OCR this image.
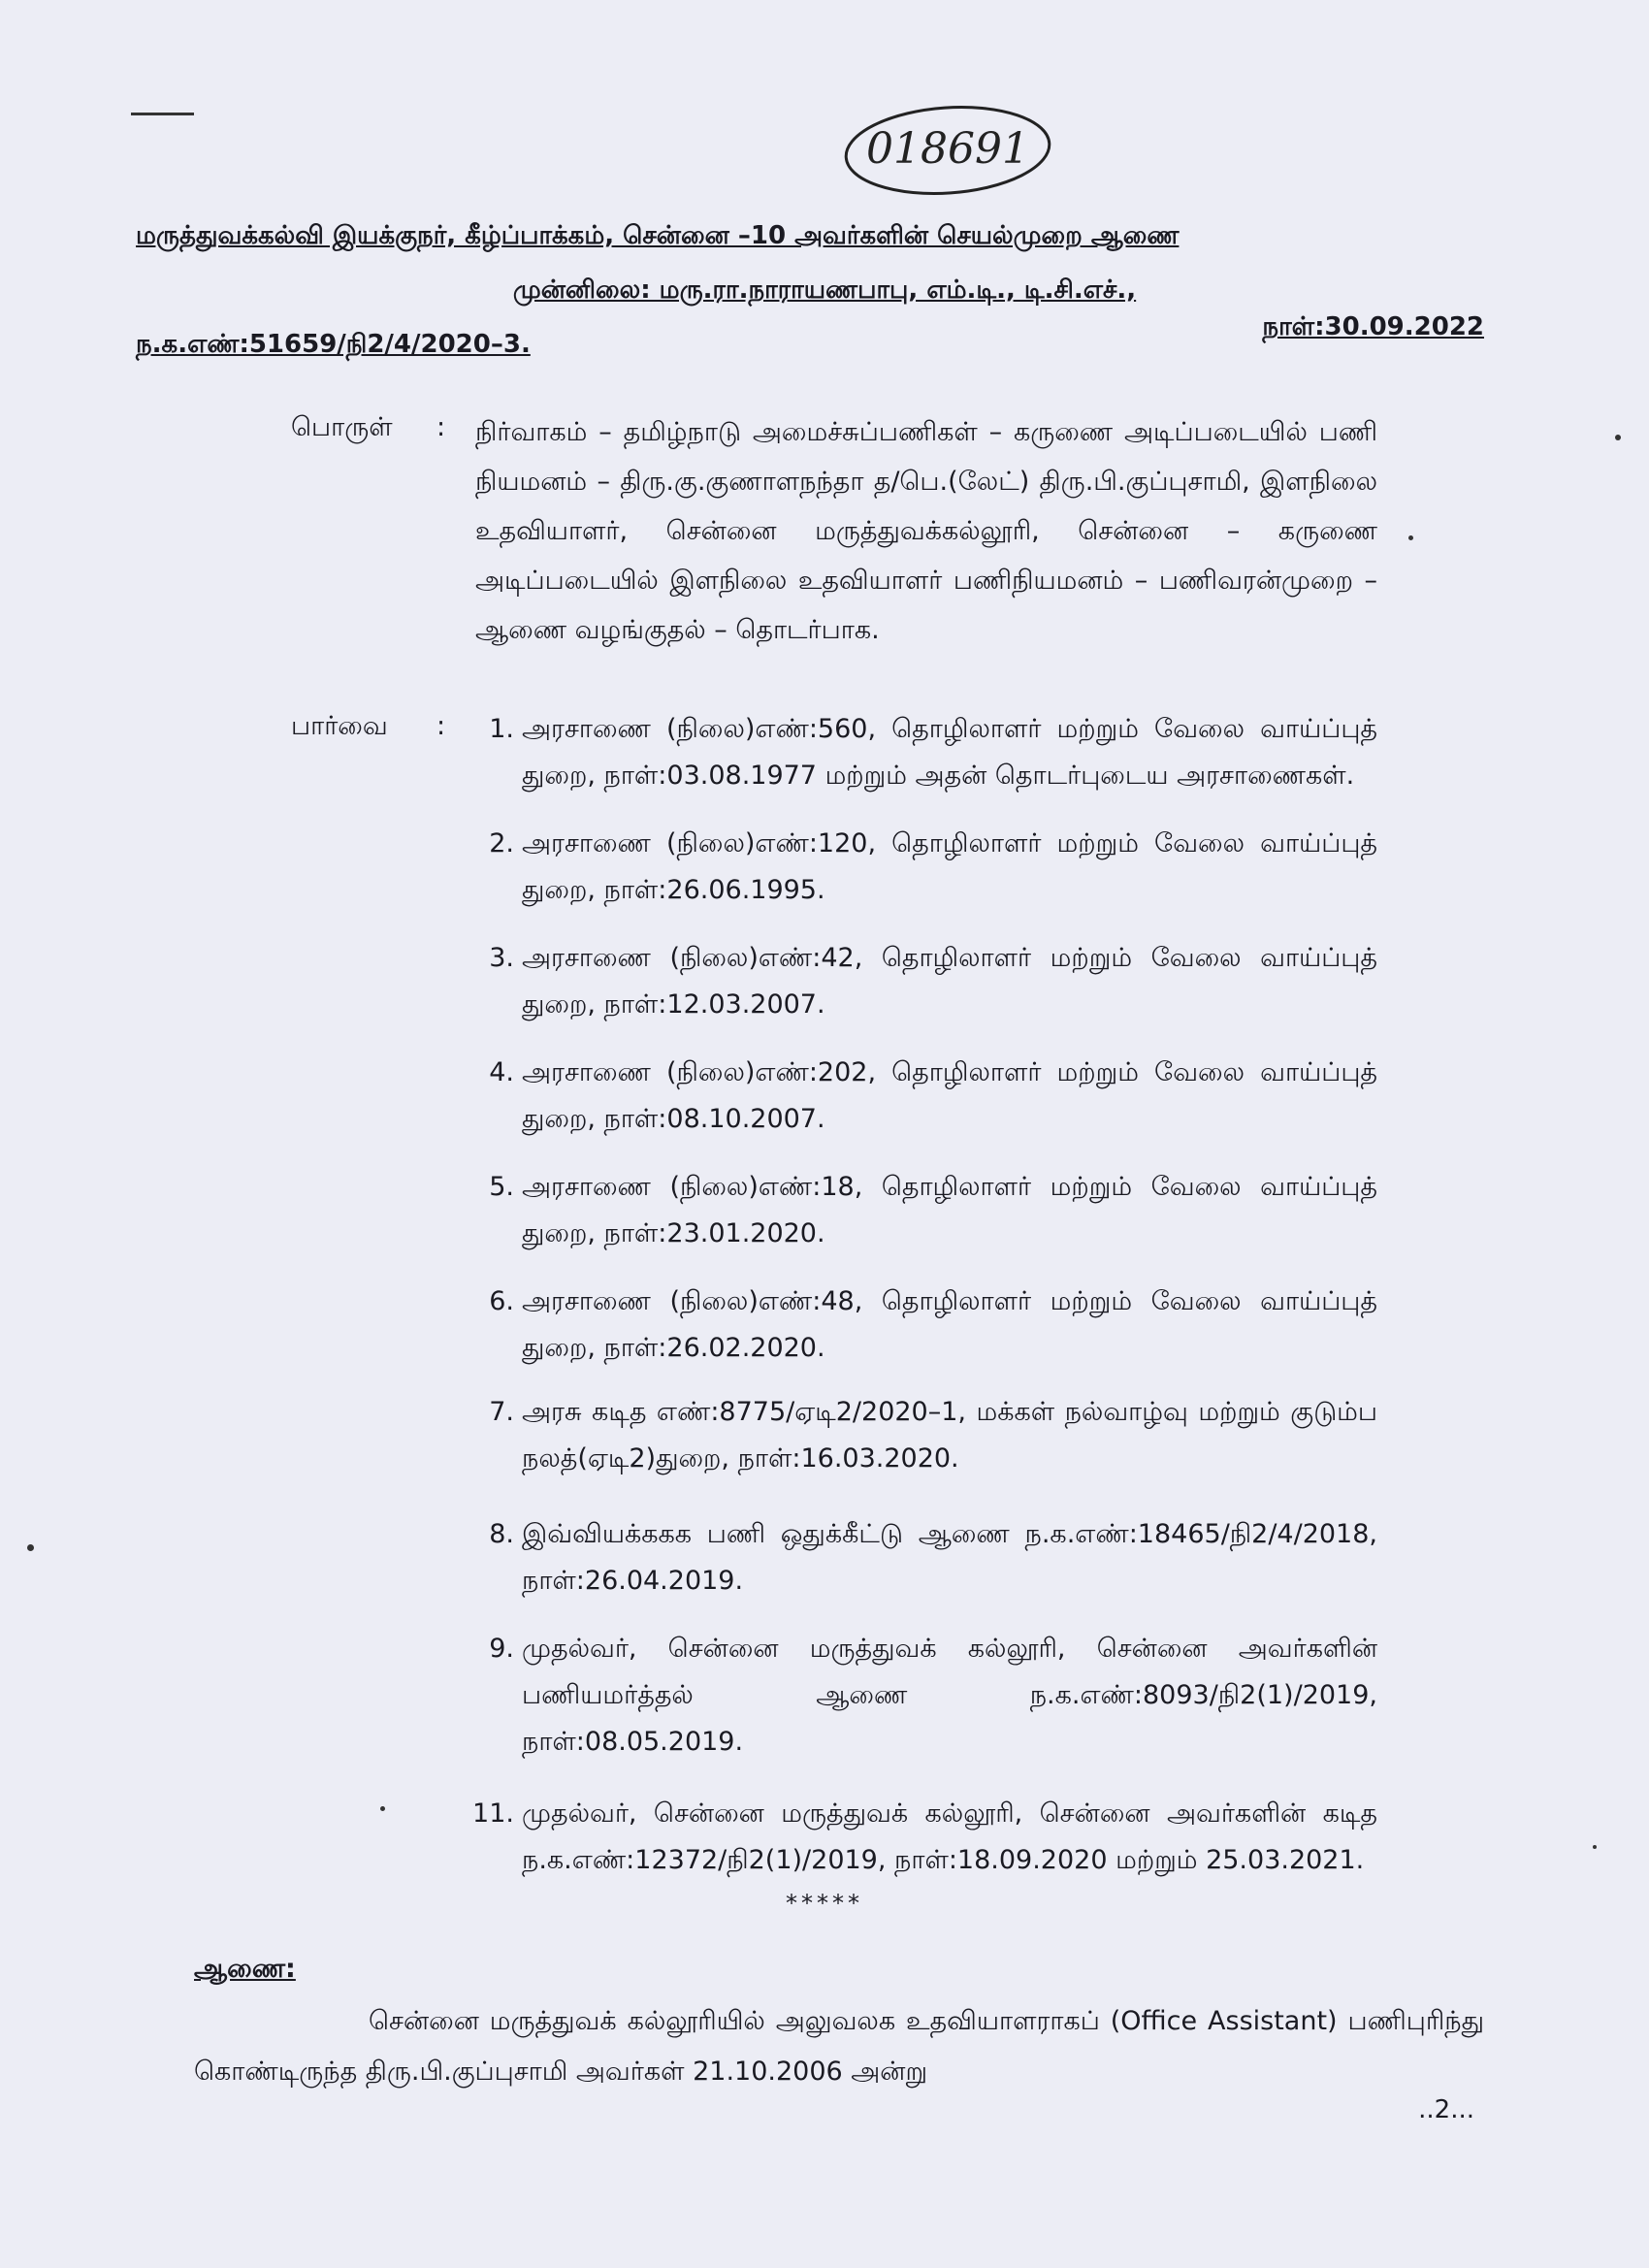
018691
மருத்துவக்கல்வி இயக்குநர், கீழ்ப்பாக்கம், சென்னை –10 அவர்களின் செயல்முறை ஆணை
முன்னிலை: மரு.ரா.நாராயணபாபு, எம்.டி., டி.சி.எச்.,
ந.க.எண்:51659/நி2/4/2020–3.
நாள்:30.09.2022
பொருள் : நிர்வாகம் – தமிழ்நாடு அமைச்சுப்பணிகள் – கருணை அடிப்படையில் பணி நியமனம் – திரு.கு.குணாளநந்தா த/பெ.(லேட்) திரு.பி.குப்புசாமி, இளநிலை உதவியாளர், சென்னை மருத்துவக்கல்லூரி, சென்னை – கருணை அடிப்படையில் இளநிலை உதவியாளர் பணிநியமனம் – பணிவரன்முறை – ஆணை வழங்குதல் – தொடர்பாக.
பார்வை :	1. அரசாணை (நிலை)எண்:560, தொழிலாளர் மற்றும் வேலை வாய்ப்புத் துறை, நாள்:03.08.1977 மற்றும் அதன் தொடர்புடைய அரசாணைகள்.
2. அரசாணை (நிலை)எண்:120, தொழிலாளர் மற்றும் வேலை வாய்ப்புத் துறை, நாள்:26.06.1995.
3. அரசாணை (நிலை)எண்:42, தொழிலாளர் மற்றும் வேலை வாய்ப்புத் துறை, நாள்:12.03.2007.
4. அரசாணை (நிலை)எண்:202, தொழிலாளர் மற்றும் வேலை வாய்ப்புத் துறை, நாள்:08.10.2007.
5. அரசாணை (நிலை)எண்:18, தொழிலாளர் மற்றும் வேலை வாய்ப்புத் துறை, நாள்:23.01.2020.
6. அரசாணை (நிலை)எண்:48, தொழிலாளர் மற்றும் வேலை வாய்ப்புத் துறை, நாள்:26.02.2020.
7. அரசு கடித எண்:8775/ஏடி2/2020–1, மக்கள் நல்வாழ்வு மற்றும் குடும்ப நலத்(ஏடி2)துறை, நாள்:16.03.2020.
8. இவ்வியக்ககக பணி ஒதுக்கீட்டு ஆணை ந.க.எண்:18465/நி2/4/2018, நாள்:26.04.2019.
9. முதல்வர், சென்னை மருத்துவக் கல்லூரி, சென்னை அவர்களின் பணியமர்த்தல் ஆணை ந.க.எண்:8093/நி2(1)/2019, நாள்:08.05.2019.
11. முதல்வர், சென்னை மருத்துவக் கல்லூரி, சென்னை அவர்களின் கடித ந.க.எண்:12372/நி2(1)/2019, நாள்:18.09.2020 மற்றும் 25.03.2021.
*****
ஆணை:
சென்னை மருத்துவக் கல்லூரியில் அலுவலக உதவியாளராகப் (Office Assistant) பணிபுரிந்து கொண்டிருந்த திரு.பி.குப்புசாமி அவர்கள் 21.10.2006 அன்று
..2...
